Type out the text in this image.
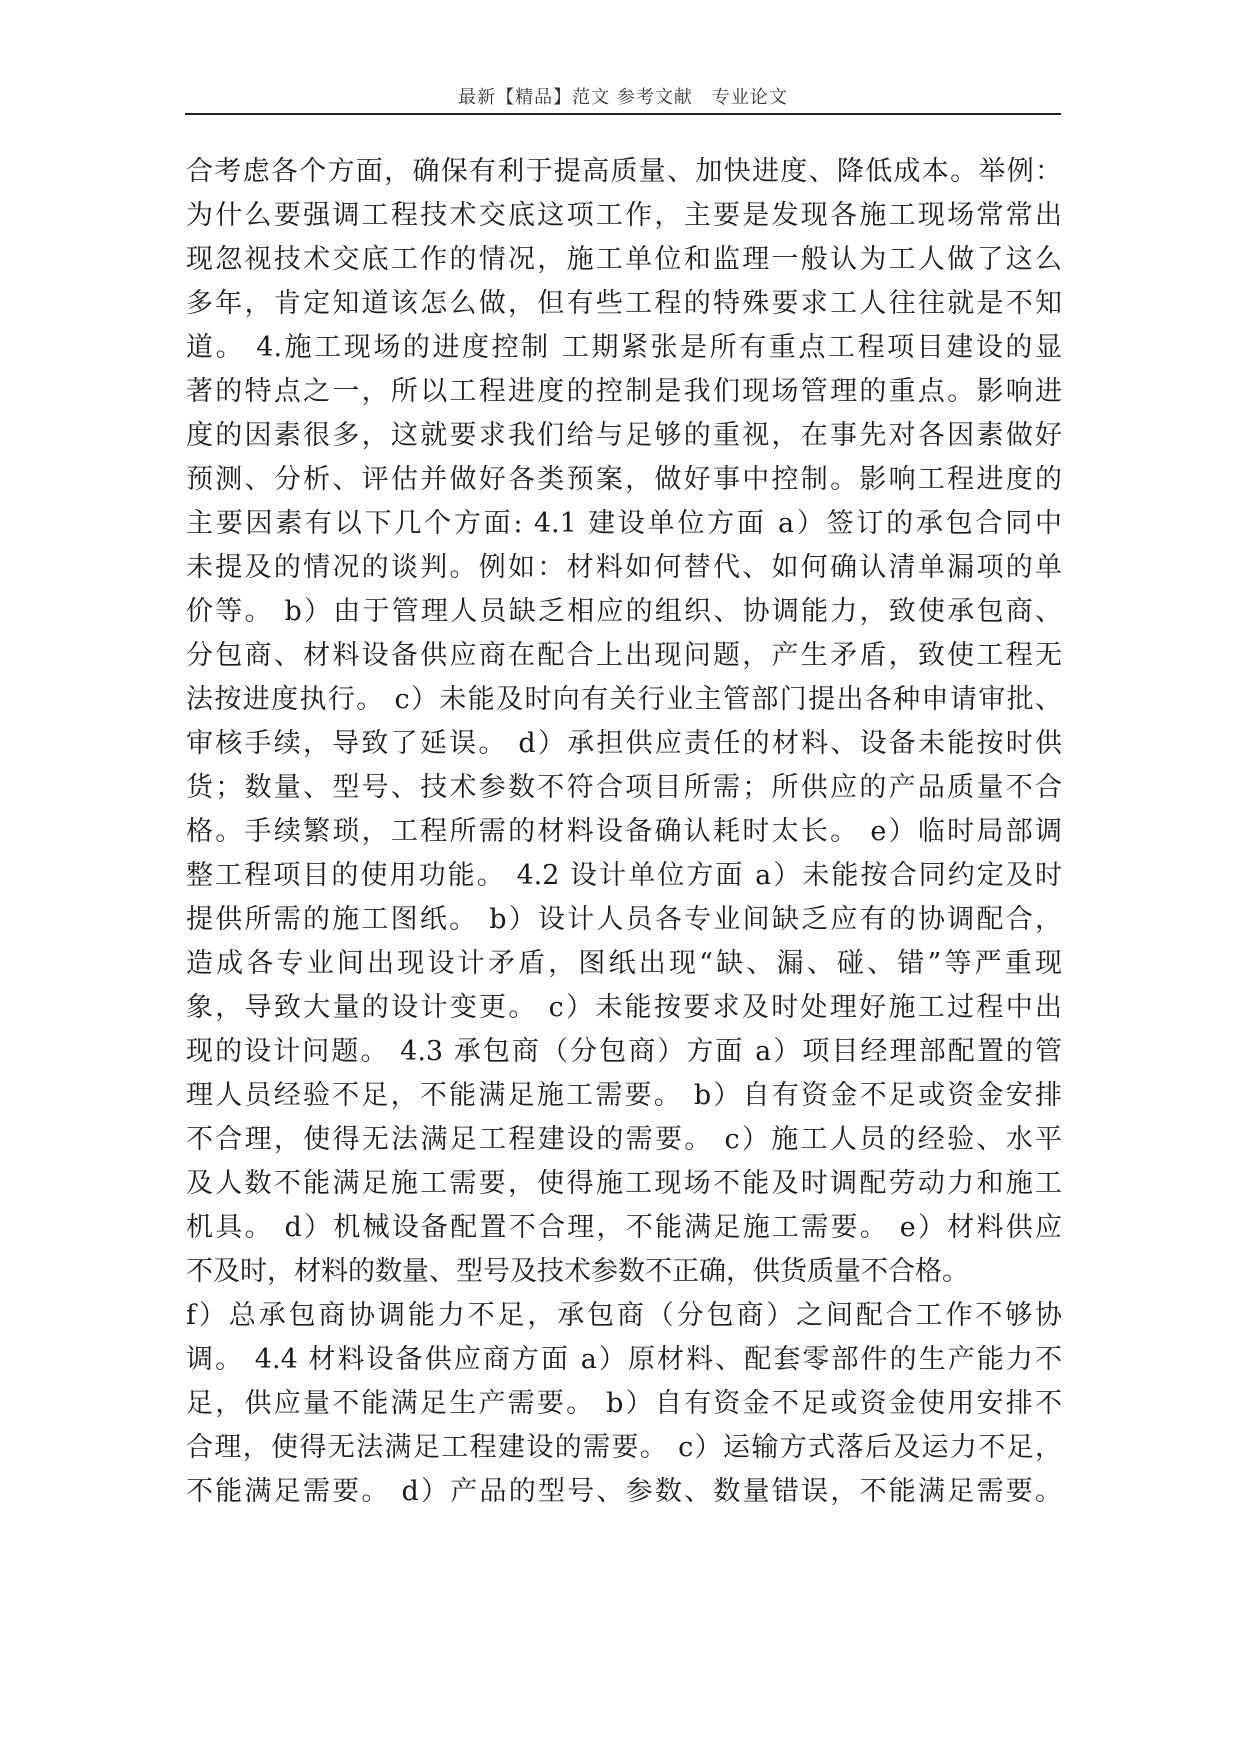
最新【精品】范文 参考文献　专业论文
合考虑各个方面，确保有利于提高质量、加快进度、降低成本。举例：
为什么要强调工程技术交底这项工作，主要是发现各施工现场常常出
现忽视技术交底工作的情况，施工单位和监理一般认为工人做了这么
多年，肯定知道该怎么做，但有些工程的特殊要求工人往往就是不知
道。 4.施工现场的进度控制 工期紧张是所有重点工程项目建设的显
著的特点之一，所以工程进度的控制是我们现场管理的重点。影响进
度的因素很多，这就要求我们给与足够的重视，在事先对各因素做好
预测、分析、评估并做好各类预案，做好事中控制。影响工程进度的
主要因素有以下几个方面: 4.1 建设单位方面 a）签订的承包合同中
未提及的情况的谈判。例如：材料如何替代、如何确认清单漏项的单
价等。 b）由于管理人员缺乏相应的组织、协调能力，致使承包商、
分包商、材料设备供应商在配合上出现问题，产生矛盾，致使工程无
法按进度执行。 c）未能及时向有关行业主管部门提出各种申请审批、
审核手续，导致了延误。 d）承担供应责任的材料、设备未能按时供
货；数量、型号、技术参数不符合项目所需；所供应的产品质量不合
格。手续繁琐，工程所需的材料设备确认耗时太长。 e）临时局部调
整工程项目的使用功能。 4.2 设计单位方面 a）未能按合同约定及时
提供所需的施工图纸。 b）设计人员各专业间缺乏应有的协调配合，
造成各专业间出现设计矛盾，图纸出现“缺、漏、碰、错”等严重现
象，导致大量的设计变更。 c）未能按要求及时处理好施工过程中出
现的设计问题。 4.3 承包商（分包商）方面 a）项目经理部配置的管
理人员经验不足，不能满足施工需要。 b）自有资金不足或资金安排
不合理，使得无法满足工程建设的需要。 c）施工人员的经验、水平
及人数不能满足施工需要，使得施工现场不能及时调配劳动力和施工
机具。 d）机械设备配置不合理，不能满足施工需要。 e）材料供应
不及时，材料的数量、型号及技术参数不正确，供货质量不合格。
f）总承包商协调能力不足，承包商（分包商）之间配合工作不够协
调。 4.4 材料设备供应商方面 a）原材料、配套零部件的生产能力不
足，供应量不能满足生产需要。 b）自有资金不足或资金使用安排不
合理，使得无法满足工程建设的需要。 c）运输方式落后及运力不足，
不能满足需要。 d）产品的型号、参数、数量错误，不能满足需要。
